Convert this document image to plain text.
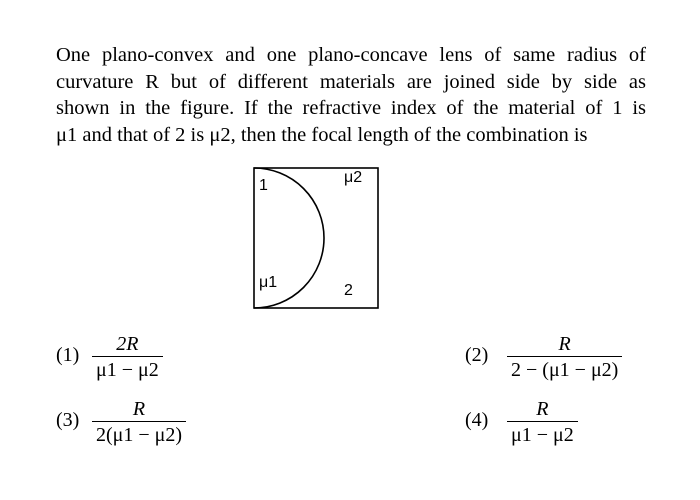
One plano-convex and one plano-concave lens of same radius of
curvature R but of different materials are joined side by side as
shown in the figure. If the refractive index of the material of 1 is
μ1 and that of 2 is μ2, then the focal length of the combination is
1	μ2
μ1	2
(1) 2R
μ1 − μ2
(2)	R
2 − (μ1 − μ2)
(3)	R
2(μ1 − μ2)
(4) R
μ1 − μ2
